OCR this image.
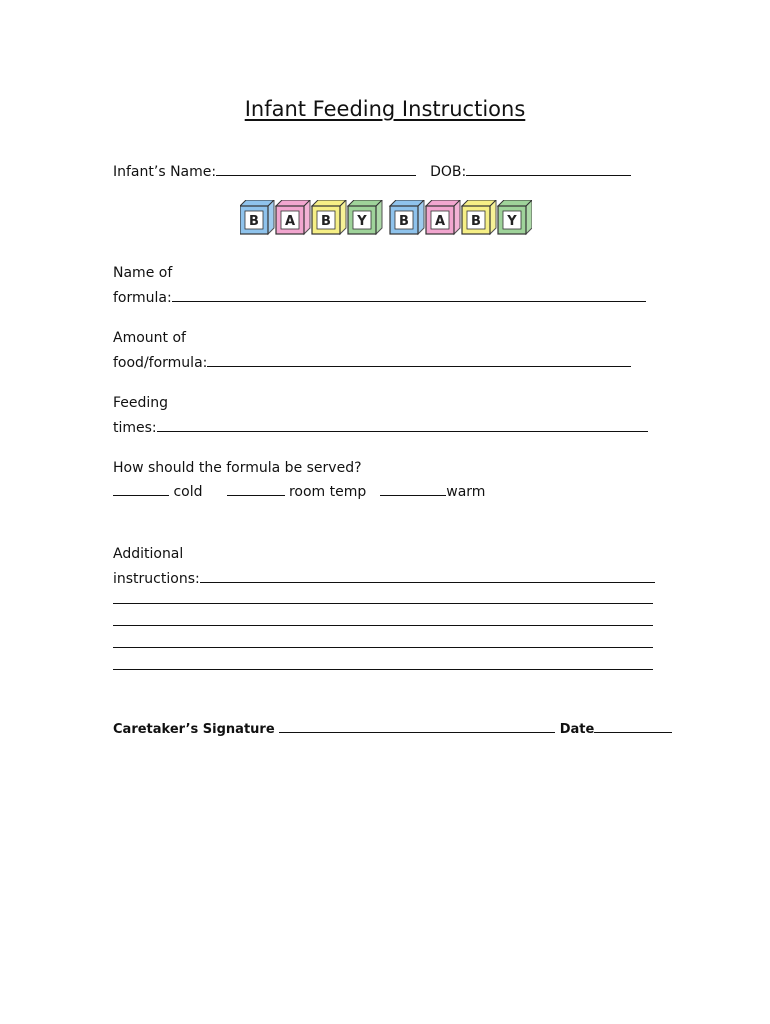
Infant Feeding Instructions
Infant’s Name:	DOB:
B A B Y B A B Y
Name of
formula:
Amount of
food/formula:
Feeding
times:
How should the formula be served?
cold	room temp	warm
Additional
instructions:
Caretaker’s Signature	Date
